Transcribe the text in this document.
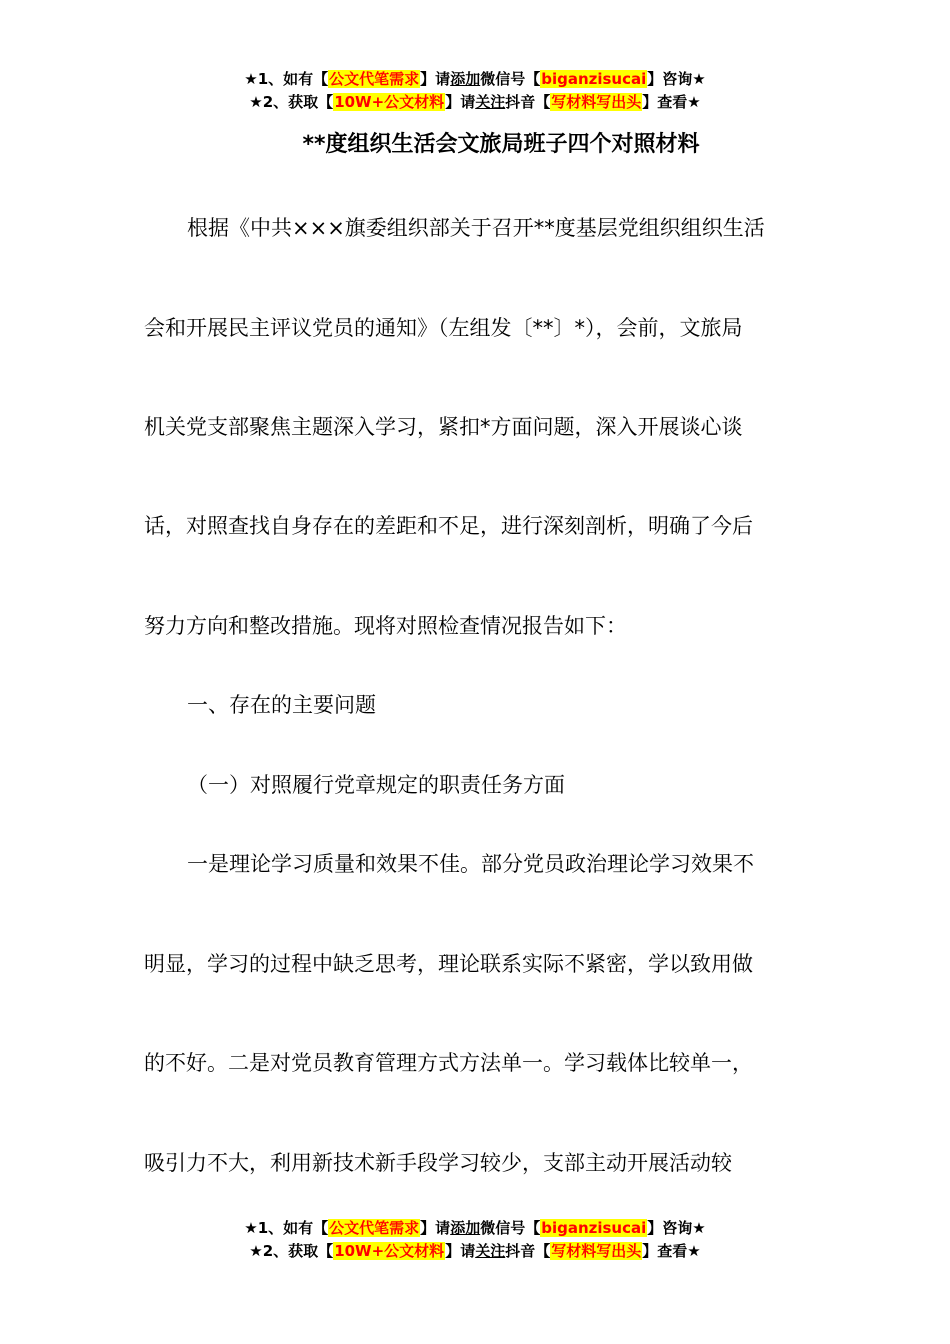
★1、如有【公文代笔需求】请添加微信号【biganzisucai】咨询★
★2、获取【10W+公文材料】请关注抖音【写材料写出头】查看★
**度组织生活会文旅局班子四个对照材料
根据《中共×××旗委组织部关于召开**度基层党组织组织生活
会和开展民主评议党员的通知》（左组发〔**〕*），会前，文旅局
机关党支部聚焦主题深入学习，紧扣*方面问题，深入开展谈心谈
话，对照查找自身存在的差距和不足，进行深刻剖析，明确了今后
努力方向和整改措施。现将对照检查情况报告如下：
一、存在的主要问题
（一）对照履行党章规定的职责任务方面
一是理论学习质量和效果不佳。部分党员政治理论学习效果不
明显，学习的过程中缺乏思考，理论联系实际不紧密，学以致用做
的不好。二是对党员教育管理方式方法单一。学习载体比较单一，
吸引力不大，利用新技术新手段学习较少，支部主动开展活动较
★1、如有【公文代笔需求】请添加微信号【biganzisucai】咨询★
★2、获取【10W+公文材料】请关注抖音【写材料写出头】查看★
